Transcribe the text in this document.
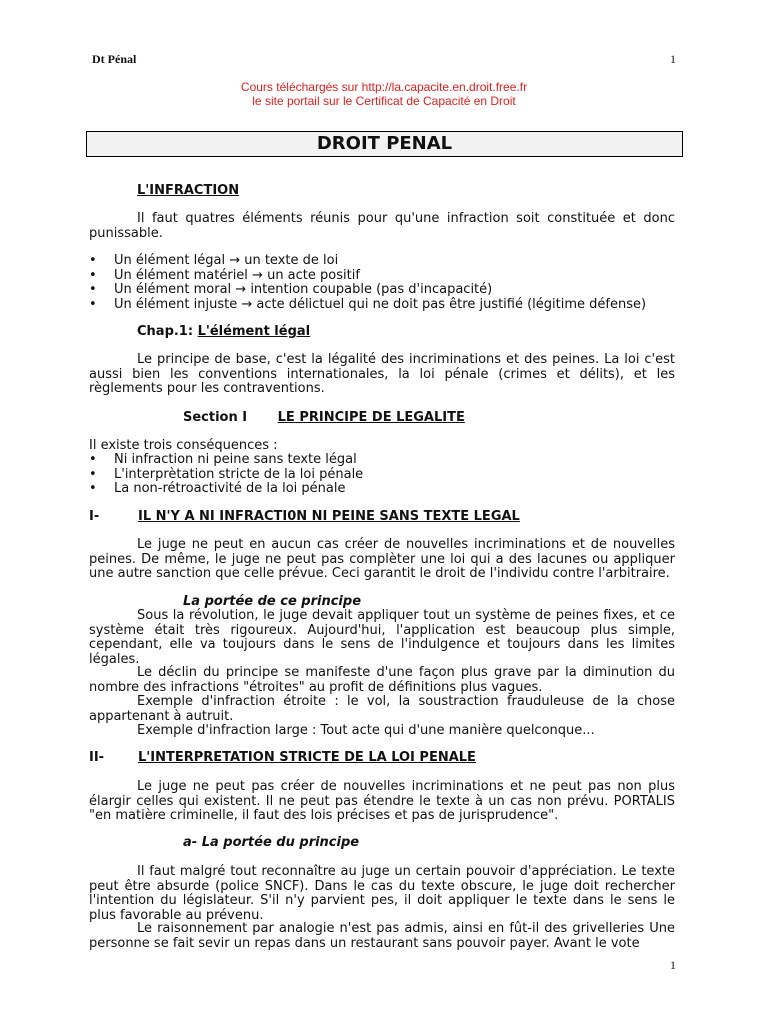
Dt Pénal	1
Cours téléchargés sur http://la.capacite.en.droit.free.fr
le site portail sur le Certificat de Capacité en Droit
DROIT PENAL
L'INFRACTION
Il faut quatres éléments réunis pour qu'une infraction soit constituée et donc punissable.
• Un élément légal → un texte de loi
• Un élément matériel → un acte positif
• Un élément moral → intention coupable (pas d'incapacité)
• Un élément injuste → acte délictuel qui ne doit pas être justifié (légitime défense)
Chap.1: L'élément légal
Le principe de base, c'est la légalité des incriminations et des peines. La loi c'est aussi bien les conventions internationales, la loi pénale (crimes et délits), et les règlements pour les contraventions.
Section I LE PRINCIPE DE LEGALITE
Il existe trois conséquences :
• Ni infraction ni peine sans texte légal
• L'interprètation stricte de la loi pénale
• La non-rétroactivité de la loi pénale
I-	IL N'Y A NI INFRACTI0N NI PEINE SANS TEXTE LEGAL
Le juge ne peut en aucun cas créer de nouvelles incriminations et de nouvelles peines. De même, le juge ne peut pas complèter une loi qui a des lacunes ou appliquer une autre sanction que celle prévue. Ceci garantit le droit de l'individu contre l'arbitraire.
La portée de ce principe
Sous la révolution, le juge devait appliquer tout un système de peines fixes, et ce système était très rigoureux. Aujourd'hui, l'application est beaucoup plus simple, cependant, elle va toujours dans le sens de l'indulgence et toujours dans les limites légales.
Le déclin du principe se manifeste d'une façon plus grave par la diminution du nombre des infractions "étroites" au profit de définitions plus vagues.
Exemple d'infraction étroite : le vol, la soustraction frauduleuse de la chose appartenant à autruit.
Exemple d'infraction large : Tout acte qui d'une manière quelconque...
II-	L'INTERPRETATION STRICTE DE LA LOI PENALE
Le juge ne peut pas créer de nouvelles incriminations et ne peut pas non plus élargir celles qui existent. Il ne peut pas étendre le texte à un cas non prévu. PORTALIS "en matière criminelle, il faut des lois précises et pas de jurisprudence".
a- La portée du principe
Il faut malgré tout reconnaître au juge un certain pouvoir d'appréciation. Le texte peut être absurde (police SNCF). Dans le cas du texte obscure, le juge doit rechercher l'intention du législateur. S'il n'y parvient pes, il doit appliquer le texte dans le sens le plus favorable au prévenu.
Le raisonnement par analogie n'est pas admis, ainsi en fût-il des grivelleries Une personne se fait sevir un repas dans un restaurant sans pouvoir payer. Avant le vote
1
